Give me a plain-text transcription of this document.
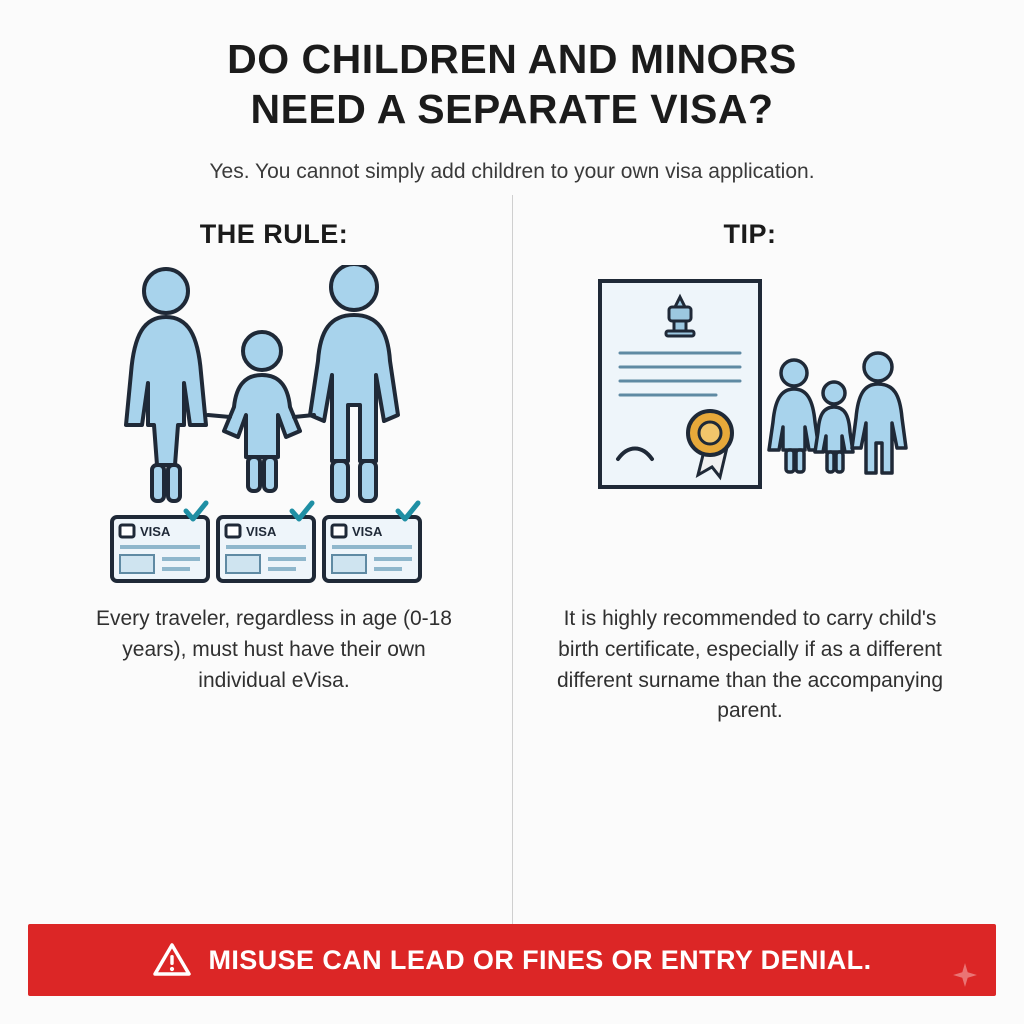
DO CHILDREN AND MINORS
NEED A SEPARATE VISA?
Yes. You cannot simply add children to your own visa application.
THE RULE:
VISA	VISA	VISA
Every traveler, regardless in age (0-18 years), must hust have their own individual eVisa.
TIP:
It is highly recommended to carry child's birth certificate, especially if as a different different surname than the accompanying parent.
MISUSE CAN LEAD OR FINES OR ENTRY DENIAL.
